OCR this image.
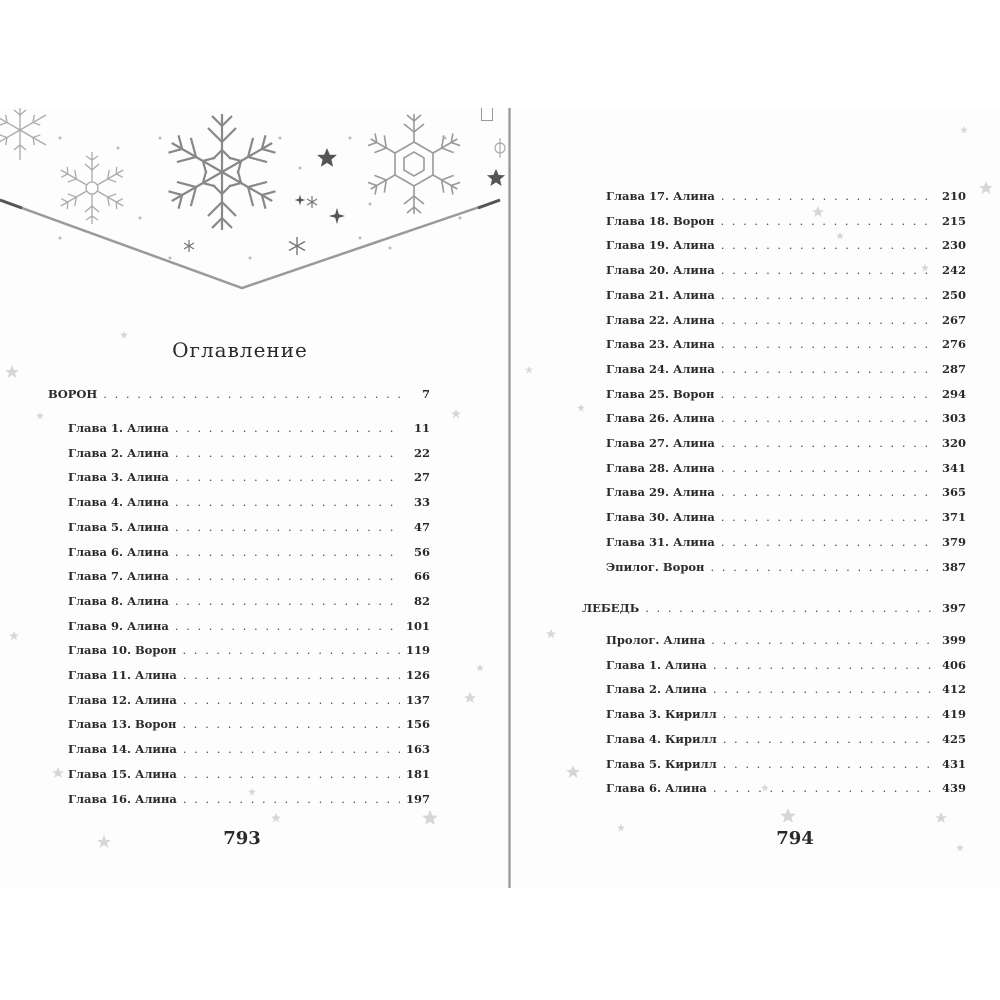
Оглавление
ВОРОН . . .	7
Глава 1. Алина . . .	11
Глава 2. Алина . . .	22
Глава 3. Алина . . .	27
Глава 4. Алина . . .	33
Глава 5. Алина . . .	47
Глава 6. Алина . . .	56
Глава 7. Алина . . .	66
Глава 8. Алина . . .	82
Глава 9. Алина . . .	101
Глава 10. Ворон . . .	119
Глава 11. Алина . . .	126
Глава 12. Алина . . .	137
Глава 13. Ворон . . .	156
Глава 14. Алина . . .	163
Глава 15. Алина . . .	181
Глава 16. Алина . . .	197
793
Глава 17. Алина . . .	210
Глава 18. Ворон . . .	215
Глава 19. Алина . . .	230
Глава 20. Алина . . .	242
Глава 21. Алина . . .	250
Глава 22. Алина . . .	267
Глава 23. Алина . . .	276
Глава 24. Алина . . .	287
Глава 25. Ворон . . .	294
Глава 26. Алина . . .	303
Глава 27. Алина . . .	320
Глава 28. Алина . . .	341
Глава 29. Алина . . .	365
Глава 30. Алина . . .	371
Глава 31. Алина . . .	379
Эпилог. Ворон . . .	387
ЛЕБЕДЬ . . .	397
Пролог. Алина . . .	399
Глава 1. Алина . . .	406
Глава 2. Алина . . .	412
Глава 3. Кирилл . . .	419
Глава 4. Кирилл . . .	425
Глава 5. Кирилл . . .	431
Глава 6. Алина . . .	439
794
